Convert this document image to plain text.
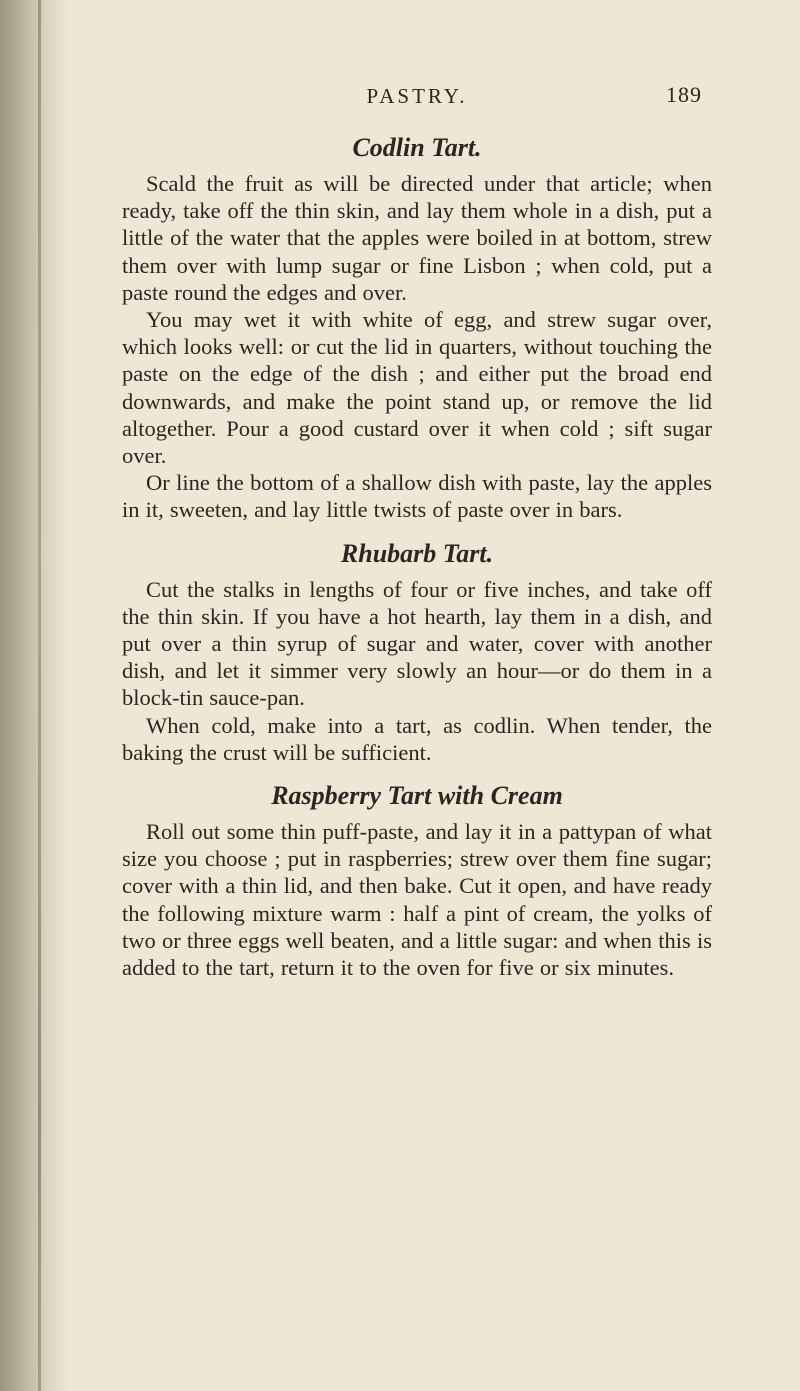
PASTRY.	189
Codlin Tart.

Scald the fruit as will be directed under that article; when ready, take off the thin skin, and lay them whole in a dish, put a little of the water that the apples were boiled in at bottom, strew them over with lump sugar or fine Lisbon ; when cold, put a paste round the edges and over.

You may wet it with white of egg, and strew sugar over, which looks well: or cut the lid in quarters, without touching the paste on the edge of the dish ; and either put the broad end downwards, and make the point stand up, or remove the lid altogether. Pour a good custard over it when cold ; sift sugar over.

Or line the bottom of a shallow dish with paste, lay the apples in it, sweeten, and lay little twists of paste over in bars.

Rhubarb Tart.

Cut the stalks in lengths of four or five inches, and take off the thin skin. If you have a hot hearth, lay them in a dish, and put over a thin syrup of sugar and water, cover with another dish, and let it simmer very slowly an hour—or do them in a block-tin sauce-pan.

When cold, make into a tart, as codlin. When tender, the baking the crust will be sufficient.

Raspberry Tart with Cream

Roll out some thin puff-paste, and lay it in a pattypan of what size you choose ; put in raspberries; strew over them fine sugar; cover with a thin lid, and then bake. Cut it open, and have ready the following mixture warm : half a pint of cream, the yolks of two or three eggs well beaten, and a little sugar: and when this is added to the tart, return it to the oven for five or six minutes.
